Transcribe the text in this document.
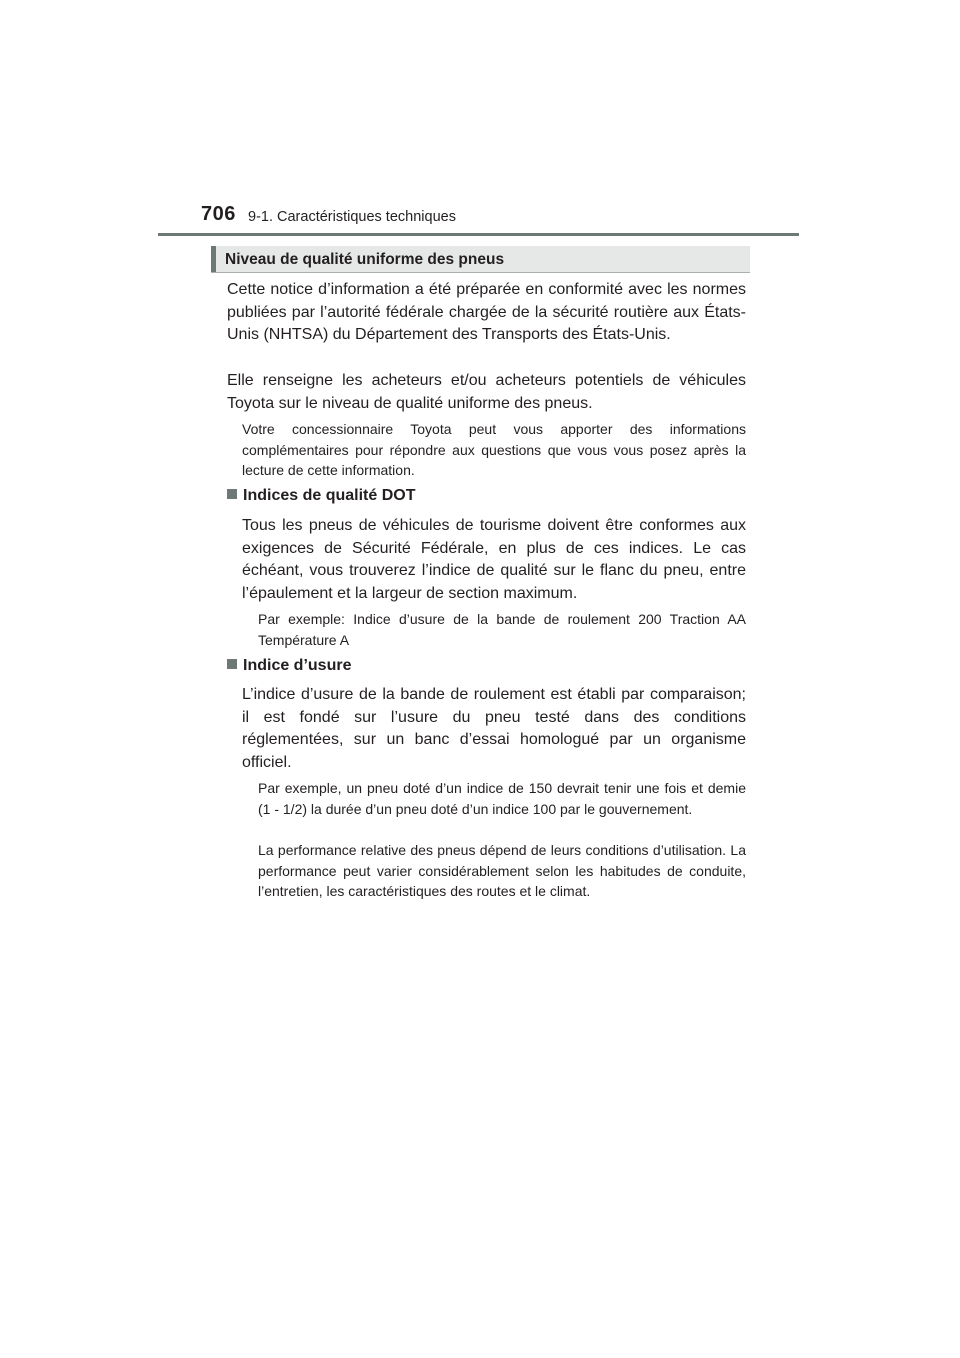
706 9-1. Caractéristiques techniques
Niveau de qualité uniforme des pneus

Cette notice d’information a été préparée en conformité avec les normes publiées par l’autorité fédérale chargée de la sécurité routière aux États-Unis (NHTSA) du Département des Transports des États-Unis.

Elle renseigne les acheteurs et/ou acheteurs potentiels de véhicules Toyota sur le niveau de qualité uniforme des pneus.

Votre concessionnaire Toyota peut vous apporter des informations complémentaires pour répondre aux questions que vous vous posez après la lecture de cette information.

Indices de qualité DOT

Tous les pneus de véhicules de tourisme doivent être conformes aux exigences de Sécurité Fédérale, en plus de ces indices. Le cas échéant, vous trouverez l’indice de qualité sur le flanc du pneu, entre l’épaulement et la largeur de section maximum.

Par exemple: Indice d’usure de la bande de roulement 200 Traction AA Température A

Indice d’usure

L’indice d’usure de la bande de roulement est établi par comparaison; il est fondé sur l’usure du pneu testé dans des conditions réglementées, sur un banc d’essai homologué par un organisme officiel.

Par exemple, un pneu doté d’un indice de 150 devrait tenir une fois et demie (1 - 1/2) la durée d’un pneu doté d’un indice 100 par le gouvernement.

La performance relative des pneus dépend de leurs conditions d’utilisation. La performance peut varier considérablement selon les habitudes de conduite, l’entretien, les caractéristiques des routes et le climat.
